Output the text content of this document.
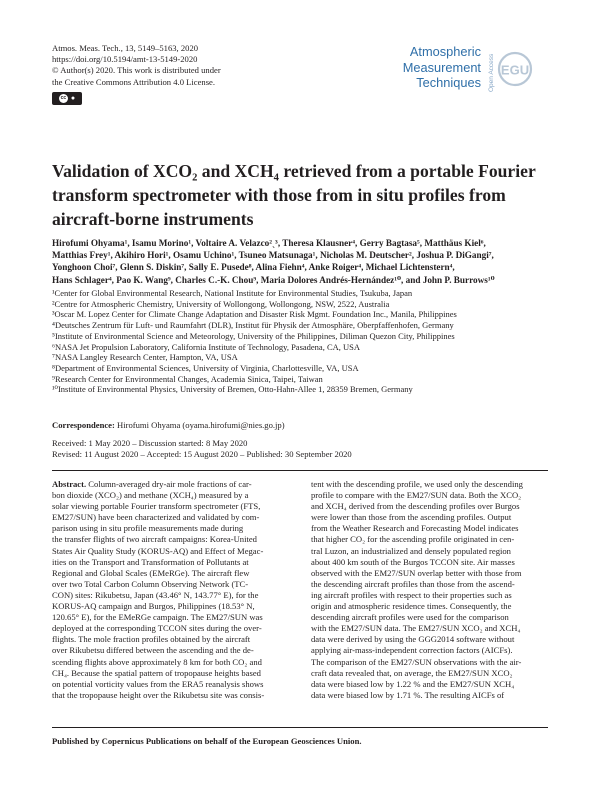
Atmos. Meas. Tech., 13, 5149–5163, 2020
https://doi.org/10.5194/amt-13-5149-2020
© Author(s) 2020. This work is distributed under
the Creative Commons Attribution 4.0 License.
cc ●
Atmospheric
Measurement
Techniques Open Access EGU
Validation of XCO₂ and XCH₄ retrieved from a portable Fourier
transform spectrometer with those from in situ profiles from
aircraft-borne instruments
Hirofumi Ohyama¹, Isamu Morino¹, Voltaire A. Velazco²ˎ³, Theresa Klausner⁴, Gerry Bagtasa⁵, Matthäus Kiel⁶,
Matthias Frey¹, Akihiro Hori¹, Osamu Uchino¹, Tsuneo Matsunaga¹, Nicholas M. Deutscher², Joshua P. DiGangi⁷,
Yonghoon Choi⁷, Glenn S. Diskin⁷, Sally E. Pusede⁸, Alina Fiehn⁴, Anke Roiger⁴, Michael Lichtenstern⁴,
Hans Schlager⁴, Pao K. Wang⁹, Charles C.-K. Chou⁹, Maria Dolores Andrés-Hernández¹⁰, and John P. Burrows¹⁰
¹Center for Global Environmental Research, National Institute for Environmental Studies, Tsukuba, Japan
²Centre for Atmospheric Chemistry, University of Wollongong, Wollongong, NSW, 2522, Australia
³Oscar M. Lopez Center for Climate Change Adaptation and Disaster Risk Mgmt. Foundation Inc., Manila, Philippines
⁴Deutsches Zentrum für Luft- und Raumfahrt (DLR), Institut für Physik der Atmosphäre, Oberpfaffenhofen, Germany
⁵Institute of Environmental Science and Meteorology, University of the Philippines, Diliman Quezon City, Philippines
⁶NASA Jet Propulsion Laboratory, California Institute of Technology, Pasadena, CA, USA
⁷NASA Langley Research Center, Hampton, VA, USA
⁸Department of Environmental Sciences, University of Virginia, Charlottesville, VA, USA
⁹Research Center for Environmental Changes, Academia Sinica, Taipei, Taiwan
¹⁰Institute of Environmental Physics, University of Bremen, Otto-Hahn-Allee 1, 28359 Bremen, Germany
Correspondence: Hirofumi Ohyama (oyama.hirofumi@nies.go.jp)
Received: 1 May 2020 – Discussion started: 8 May 2020
Revised: 11 August 2020 – Accepted: 15 August 2020 – Published: 30 September 2020
Abstract. Column-averaged dry-air mole fractions of car-
bon dioxide (XCO₂) and methane (XCH₄) measured by a
solar viewing portable Fourier transform spectrometer (FTS,
EM27/SUN) have been characterized and validated by com-
parison using in situ profile measurements made during
the transfer flights of two aircraft campaigns: Korea-United
States Air Quality Study (KORUS-AQ) and Effect of Megac-
ities on the Transport and Transformation of Pollutants at
Regional and Global Scales (EMeRGe). The aircraft flew
over two Total Carbon Column Observing Network (TC-
CON) sites: Rikubetsu, Japan (43.46° N, 143.77° E), for the
KORUS-AQ campaign and Burgos, Philippines (18.53° N,
120.65° E), for the EMeRGe campaign. The EM27/SUN was
deployed at the corresponding TCCON sites during the over-
flights. The mole fraction profiles obtained by the aircraft
over Rikubetsu differed between the ascending and the de-
scending flights above approximately 8 km for both CO₂ and
CH₄. Because the spatial pattern of tropopause heights based
on potential vorticity values from the ERA5 reanalysis shows
that the tropopause height over the Rikubetsu site was consis-
tent with the descending profile, we used only the descending
profile to compare with the EM27/SUN data. Both the XCO₂
and XCH₄ derived from the descending profiles over Burgos
were lower than those from the ascending profiles. Output
from the Weather Research and Forecasting Model indicates
that higher CO₂ for the ascending profile originated in cen-
tral Luzon, an industrialized and densely populated region
about 400 km south of the Burgos TCCON site. Air masses
observed with the EM27/SUN overlap better with those from
the descending aircraft profiles than those from the ascend-
ing aircraft profiles with respect to their properties such as
origin and atmospheric residence times. Consequently, the
descending aircraft profiles were used for the comparison
with the EM27/SUN data. The EM27/SUN XCO₂ and XCH₄
data were derived by using the GGG2014 software without
applying air-mass-independent correction factors (AICFs).
The comparison of the EM27/SUN observations with the air-
craft data revealed that, on average, the EM27/SUN XCO₂
data were biased low by 1.22 % and the EM27/SUN XCH₄
data were biased low by 1.71 %. The resulting AICFs of
Published by Copernicus Publications on behalf of the European Geosciences Union.
